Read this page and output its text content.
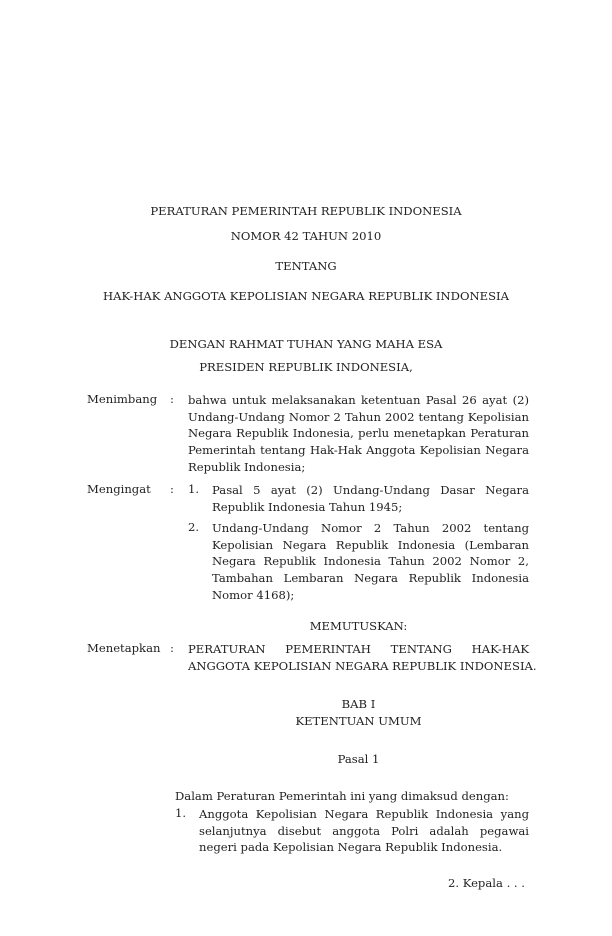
PERATURAN PEMERINTAH REPUBLIK INDONESIA
NOMOR 42 TAHUN 2010
TENTANG
HAK-HAK ANGGOTA KEPOLISIAN NEGARA REPUBLIK INDONESIA
DENGAN RAHMAT TUHAN YANG MAHA ESA
PRESIDEN REPUBLIK INDONESIA,
Menimbang : bahwa untuk melaksanakan ketentuan Pasal 26 ayat (2) Undang-Undang Nomor 2 Tahun 2002 tentang Kepolisian Negara Republik Indonesia, perlu menetapkan Peraturan Pemerintah tentang Hak-Hak Anggota Kepolisian Negara Republik Indonesia;
Mengingat : 1. Pasal 5 ayat (2) Undang-Undang Dasar Negara Republik Indonesia Tahun 1945;
2. Undang-Undang Nomor 2 Tahun 2002 tentang Kepolisian Negara Republik Indonesia (Lembaran Negara Republik Indonesia Tahun 2002 Nomor 2, Tambahan Lembaran Negara Republik Indonesia Nomor 4168);
MEMUTUSKAN:
Menetapkan : PERATURAN PEMERINTAH TENTANG HAK-HAK
ANGGOTA KEPOLISIAN NEGARA REPUBLIK INDONESIA.
BAB I
KETENTUAN UMUM
Pasal 1
Dalam Peraturan Pemerintah ini yang dimaksud dengan:
1. Anggota Kepolisian Negara Republik Indonesia yang selanjutnya disebut anggota Polri adalah pegawai negeri pada Kepolisian Negara Republik Indonesia.
2. Kepala . . .
